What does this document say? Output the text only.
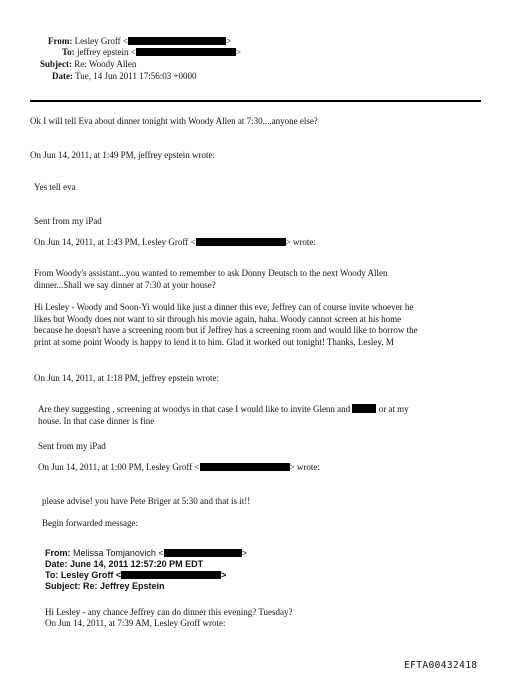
From: Lesley Groff <	>
To: jeffrey epstein <	>
Subject: Re: Woody Allen
Date: Tue, 14 Jun 2011 17:56:03 +0000
Ok I will tell Eva about dinner tonight with Woody Allen at 7:30....anyone else?
On Jun 14, 2011, at 1:49 PM, jeffrey epstein wrote:
Yes tell eva
Sent from my iPad
On Jun 14, 2011, at 1:43 PM, Lesley Groff <	> wrote:
From Woody's assistant...you wanted to remember to ask Donny Deutsch to the next Woody Allen
dinner...Shall we say dinner at 7:30 at your house?
Hi Lesley - Woody and Soon-Yi would like just a dinner this eve, Jeffrey can of course invite whoever he
likes but Woody does not want to sit through his movie again, haha. Woody cannot screen at his home
because he doesn't have a screening room but if Jeffrey has a screening room and would like to borrow the
print at some point Woody is happy to lend it to him. Glad it worked out tonight! Thanks, Lesley. M
On Jun 14, 2011, at 1:18 PM, jeffrey epstein wrote:
Are they suggesting , screening at woodys in that case I would like to invite Glenn and	or at my
house. In that case dinner is fine
Sent from my iPad
On Jun 14, 2011, at 1:00 PM, Lesley Groff <	> wrote:
please advise! you have Pete Briger at 5:30 and that is it!!
Begin forwarded message:
From: Melissa Tomjanovich <	>
Date: June 14, 2011 12:57:20 PM EDT
To: Lesley Groff <	>
Subject: Re: Jeffrey Epstein
Hi Lesley - any chance Jeffrey can do dinner this evening? Tuesday?
On Jun 14, 2011, at 7:39 AM, Lesley Groff wrote:
EFTA00432418
